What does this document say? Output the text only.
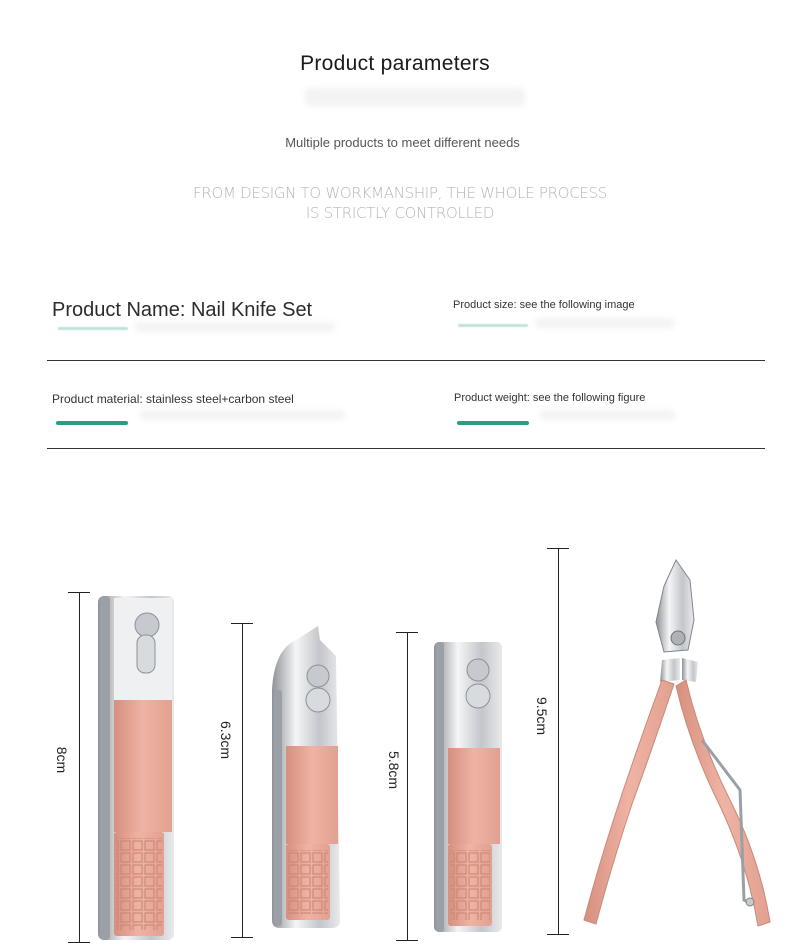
Product parameters
Multiple products to meet different needs
FROM DESIGN TO WORKMANSHIP, THE WHOLE PROCESS
IS STRICTLY CONTROLLED
Product Name: Nail Knife Set	Product size: see the following image
Product material: stainless steel+carbon steel	Product weight: see the following figure
8cm
6.3cm
5.8cm
9.5cm
